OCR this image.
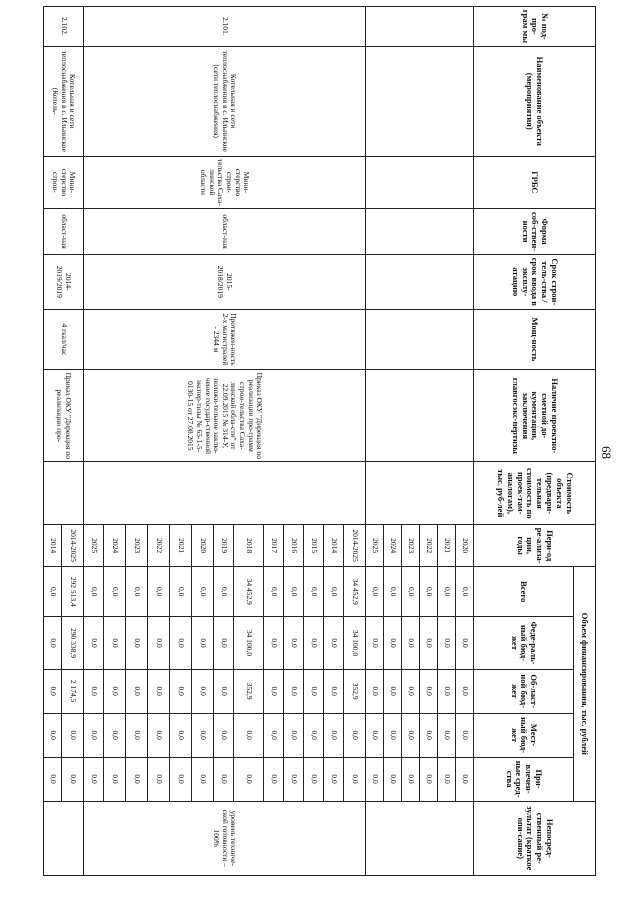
68
№ под-про-грам мы	Наименование объекта (мероприятия)	ГРБС	Форма соб-ствен-ности	Срок строи-тель-ства / срок ввода в эксплу-атацию	Мощ-ность	Наличие проектно-сметной до-кументации, заключения главгосэкс-пертизы	Стоимость объекта (предвари-тельная стоимость по проек-там-аналогам), тыс. руб-лей	Пери-од ре-ализа-ции, годы	Объем финансирования, тыс. рублей					Непосред-ственный ре-зультат (краткое опи-сание)
									Всего	Феде-раль-ный бюд-жет	Об-ласт-ной бюд-жет	Мест-ный бюд-жет	При-влечен-ные сред-ства	
								2020	0,0	0,0	0,0	0,0	0,0	
								2021	0,0	0,0	0,0	0,0	0,0	
								2022	0,0	0,0	0,0	0,0	0,0	
								2023	0,0	0,0	0,0	0,0	0,0	
								2024	0,0	0,0	0,0	0,0	0,0	
								2025	0,0	0,0	0,0	0,0	0,0	
2.101.	Котельная и сети теплоснабжения в с. Ильинское (сети теплоснабжения)	Мини-стерство строи-тельства Саха-линской области	област-ная	2015-2018/2019	Протяжен-ность 2-х магистралей - 2344 м	Приказ ОКУ "Дирекция по реализации про-грамм строи-тельства Саха-линской обла-сти" от 22.09.2015 № 314-У, положи-тельное заклю-чение государ-ственной экспер-тизы № 65-1-5-0130-15 от 27.08.2015		2014-2025	34 452,9	34 100,0	352,9	0,0	0,0	уровень техниче-ской готовности – 100%
								2014	0,0	0,0	0,0	0,0	0,0	
								2015	0,0	0,0	0,0	0,0	0,0	
								2016	0,0	0,0	0,0	0,0	0,0	
								2017	0,0	0,0	0,0	0,0	0,0	
								2018	34 452,9	34 100,0	352,9	0,0	0,0	
								2019	0,0	0,0	0,0	0,0	0,0	
								2020	0,0	0,0	0,0	0,0	0,0	
								2021	0,0	0,0	0,0	0,0	0,0	
								2022	0,0	0,0	0,0	0,0	0,0	
								2023	0,0	0,0	0,0	0,0	0,0	
								2024	0,0	0,0	0,0	0,0	0,0	
								2025	0,0	0,0	0,0	0,0	0,0	
2.102.	Котельная и сети теплоснабжения в с. Ильинское (Котель-	Мини-стерство строи-	област-ная	2014-2019/2019	4 гкал/час	Приказ ОКУ "Дирекция по реализации про-		2014-2025	292 513,4	290 338,9	2 174,5	0,0	0,0	
								2014	0,0	0,0	0,0	0,0	0,0	
